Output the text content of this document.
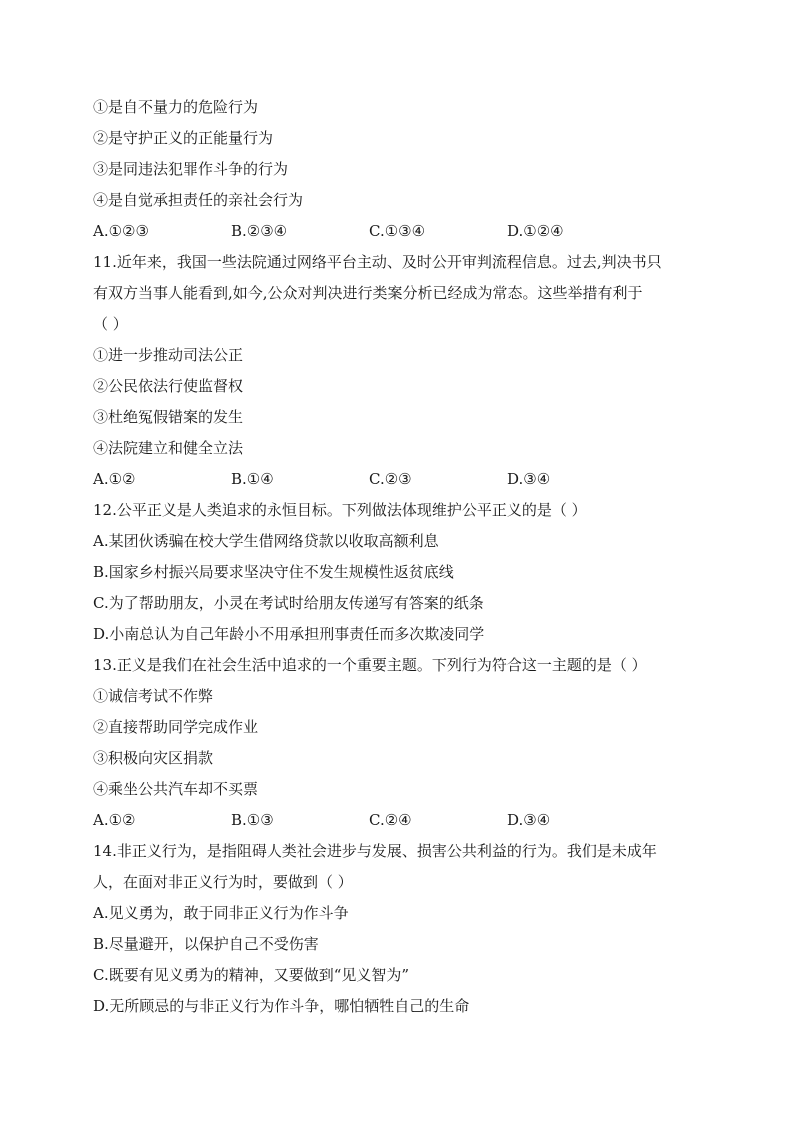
①是自不量力的危险行为
②是守护正义的正能量行为
③是同违法犯罪作斗争的行为
④是自觉承担责任的亲社会行为
A.①②③	B.②③④	C.①③④	D.①②④
11.近年来，我国一些法院通过网络平台主动、及时公开审判流程信息。过去,判决书只
有双方当事人能看到,如今,公众对判决进行类案分析已经成为常态。这些举措有利于
（ ）
①进一步推动司法公正
②公民依法行使监督权
③杜绝冤假错案的发生
④法院建立和健全立法
A.①②	B.①④	C.②③	D.③④
12.公平正义是人类追求的永恒目标。下列做法体现维护公平正义的是（ ）
A.某团伙诱骗在校大学生借网络贷款以收取高额利息
B.国家乡村振兴局要求坚决守住不发生规模性返贫底线
C.为了帮助朋友，小灵在考试时给朋友传递写有答案的纸条
D.小南总认为自己年龄小不用承担刑事责任而多次欺凌同学
13.正义是我们在社会生活中追求的一个重要主题。下列行为符合这一主题的是（ ）
①诚信考试不作弊
②直接帮助同学完成作业
③积极向灾区捐款
④乘坐公共汽车却不买票
A.①②	B.①③	C.②④	D.③④
14.非正义行为，是指阻碍人类社会进步与发展、损害公共利益的行为。我们是未成年
人，在面对非正义行为时，要做到（ ）
A.见义勇为，敢于同非正义行为作斗争
B.尽量避开，以保护自己不受伤害
C.既要有见义勇为的精神，又要做到“见义智为”
D.无所顾忌的与非正义行为作斗争，哪怕牺牲自己的生命
